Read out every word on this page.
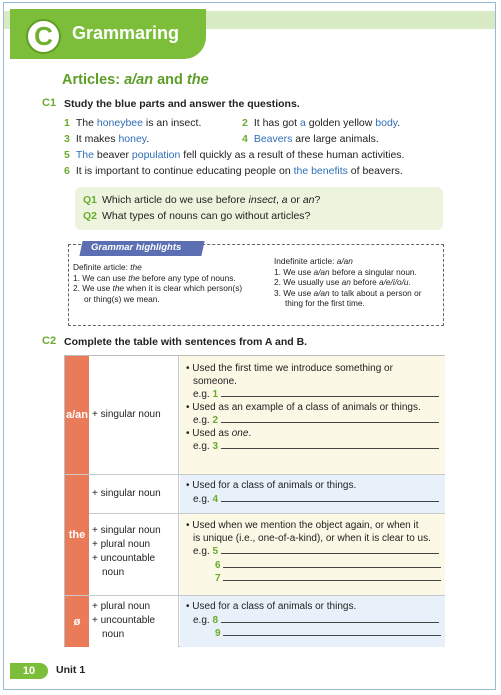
C	Grammaring
Articles: a/an and the
C1 Study the blue parts and answer the questions.
1 The honeybee is an insect.	2 It has got a golden yellow body.
3 It makes honey.	4 Beavers are large animals.
5 The beaver population fell quickly as a result of these human activities.
6 It is important to continue educating people on the benefits of beavers.
Q1 Which article do we use before insect, a or an?
Q2 What types of nouns can go without articles?
Grammar highlights
Definite article: the
1. We can use the before any type of nouns.
2. We use the when it is clear which person(s)
or thing(s) we mean.
Indefinite article: a/an
1. We use a/an before a singular noun.
2. We usually use an before a/e/i/o/u.
3. We use a/an to talk about a person or
thing for the first time.
C2 Complete the table with sentences from A and B.
a/an + singular noun
• Used the first time we introduce something or
someone.
e.g. 1
• Used as an example of a class of animals or things.
e.g. 2
• Used as one.
e.g. 3
the
+ singular noun
• Used for a class of animals or things.
e.g. 4
+ singular noun
+ plural noun
+ uncountable
noun
• Used when we mention the object again, or when it
is unique (i.e., one-of-a-kind), or when it is clear to us.
e.g. 5
6
7
ø
+ plural noun
+ uncountable
noun
• Used for a class of animals or things.
e.g. 8
9
10	Unit 1
